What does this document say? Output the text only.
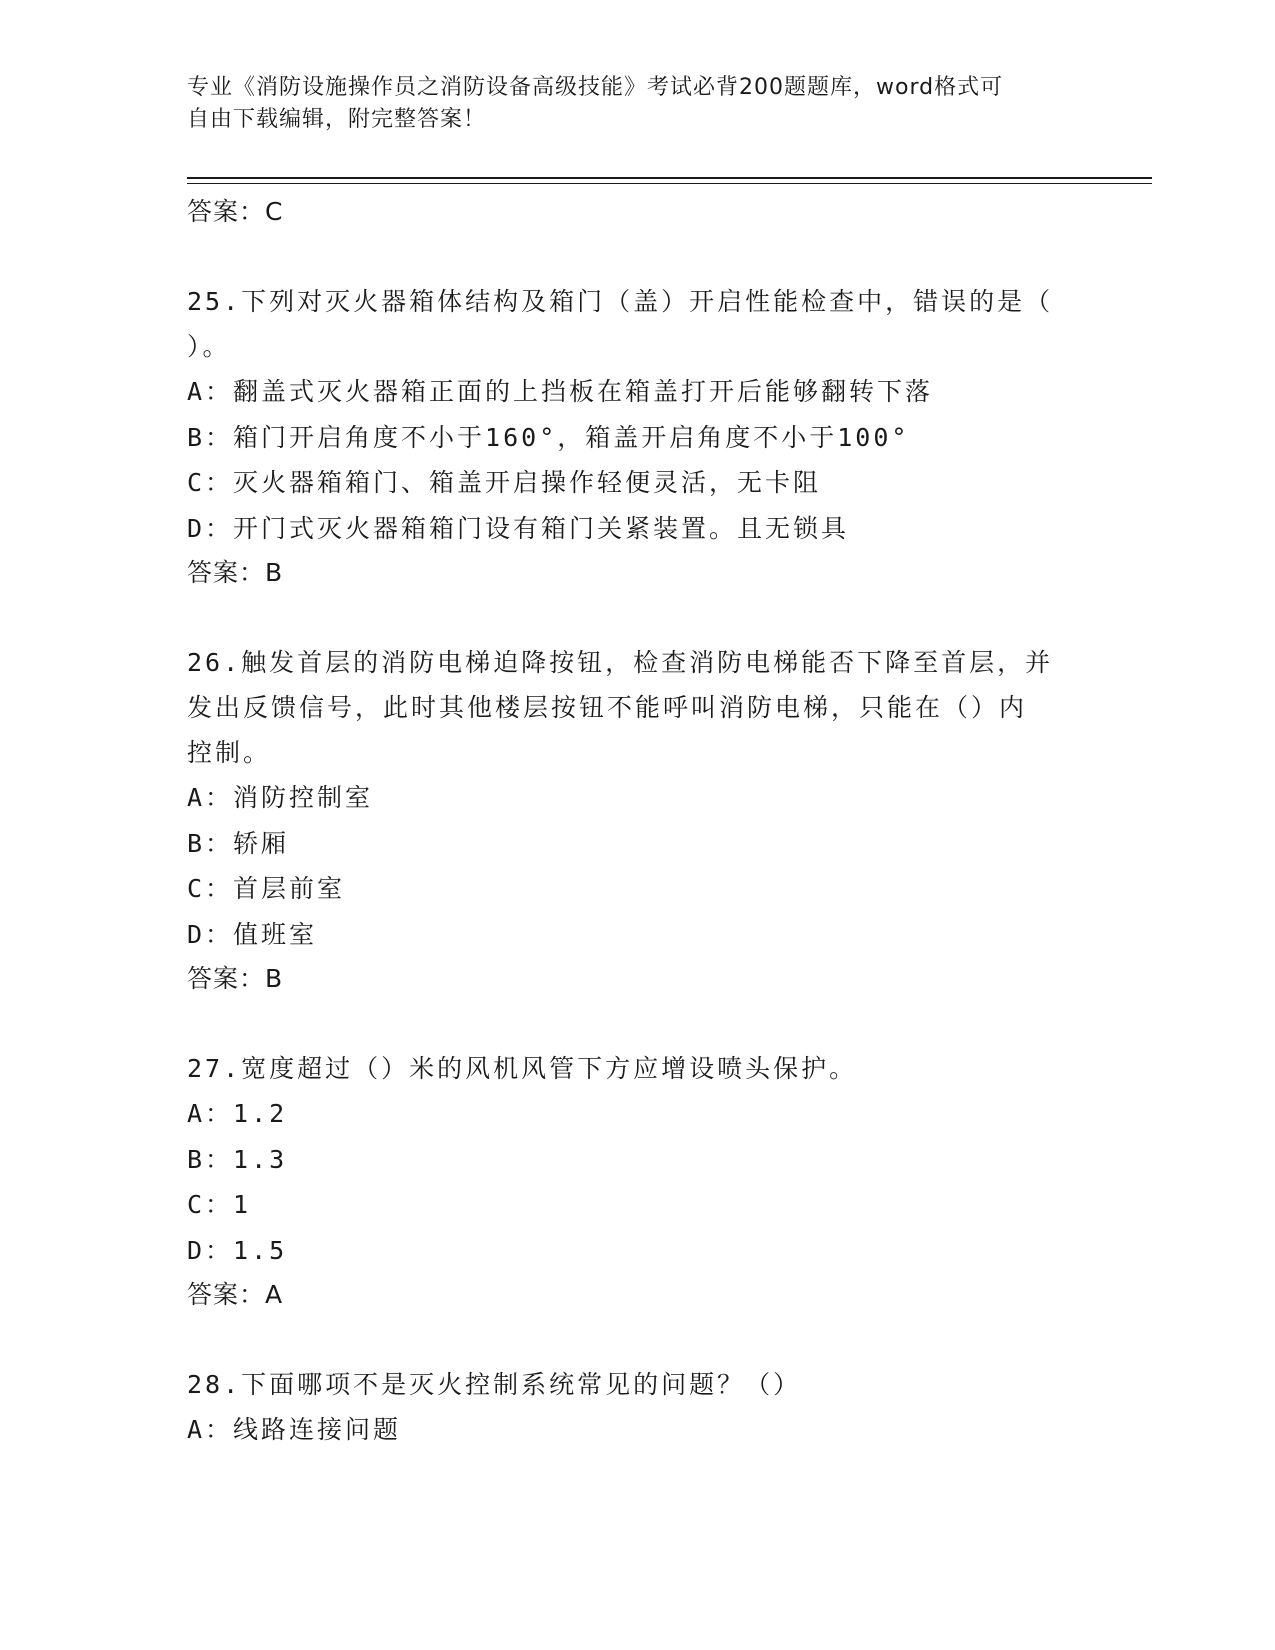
专业《消防设施操作员之消防设备高级技能》考试必背200题题库，word格式可
自由下载编辑，附完整答案！
答案：C
25.下列对灭火器箱体结构及箱门（盖）开启性能检查中，错误的是（
）。
A：翻盖式灭火器箱正面的上挡板在箱盖打开后能够翻转下落
B：箱门开启角度不小于160°，箱盖开启角度不小于100°
C：灭火器箱箱门、箱盖开启操作轻便灵活，无卡阻
D：开门式灭火器箱箱门设有箱门关紧装置。且无锁具
答案：B
26.触发首层的消防电梯迫降按钮，检查消防电梯能否下降至首层，并
发出反馈信号，此时其他楼层按钮不能呼叫消防电梯，只能在（）内
控制。
A：消防控制室
B：轿厢
C：首层前室
D：值班室
答案：B
27.宽度超过（）米的风机风管下方应增设喷头保护。
A：1.2
B：1.3
C：1
D：1.5
答案：A
28.下面哪项不是灭火控制系统常见的问题？（）
A：线路连接问题
